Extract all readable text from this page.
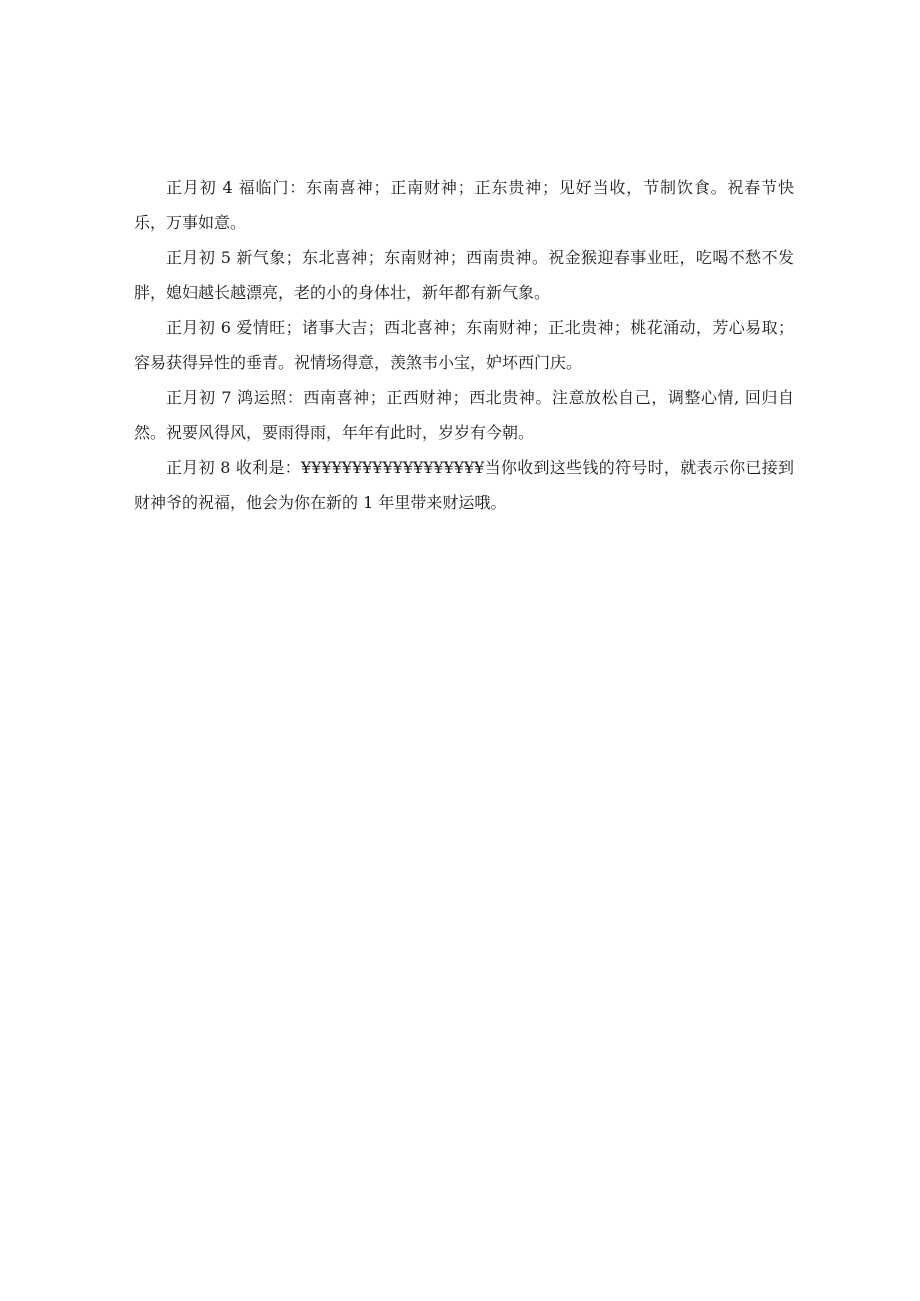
正月初 4 福临门：东南喜神；正南财神；正东贵神；见好当收，节制饮食。祝春节快乐，万事如意。

正月初 5 新气象；东北喜神；东南财神；西南贵神。祝金猴迎春事业旺，吃喝不愁不发胖，媳妇越长越漂亮，老的小的身体壮，新年都有新气象。

正月初 6 爱情旺；诸事大吉；西北喜神；东南财神；正北贵神；桃花涌动，芳心易取；容易获得异性的垂青。祝情场得意，羡煞韦小宝，妒坏西门庆。

正月初 7 鸿运照：西南喜神；正西财神；西北贵神。注意放松自己，调整心情, 回归自然。祝要风得风，要雨得雨，年年有此时，岁岁有今朝。

正月初 8 收利是：¥¥¥¥¥¥¥¥¥¥¥¥¥¥¥¥¥¥当你收到这些钱的符号时，就表示你已接到财神爷的祝福，他会为你在新的 1 年里带来财运哦。
